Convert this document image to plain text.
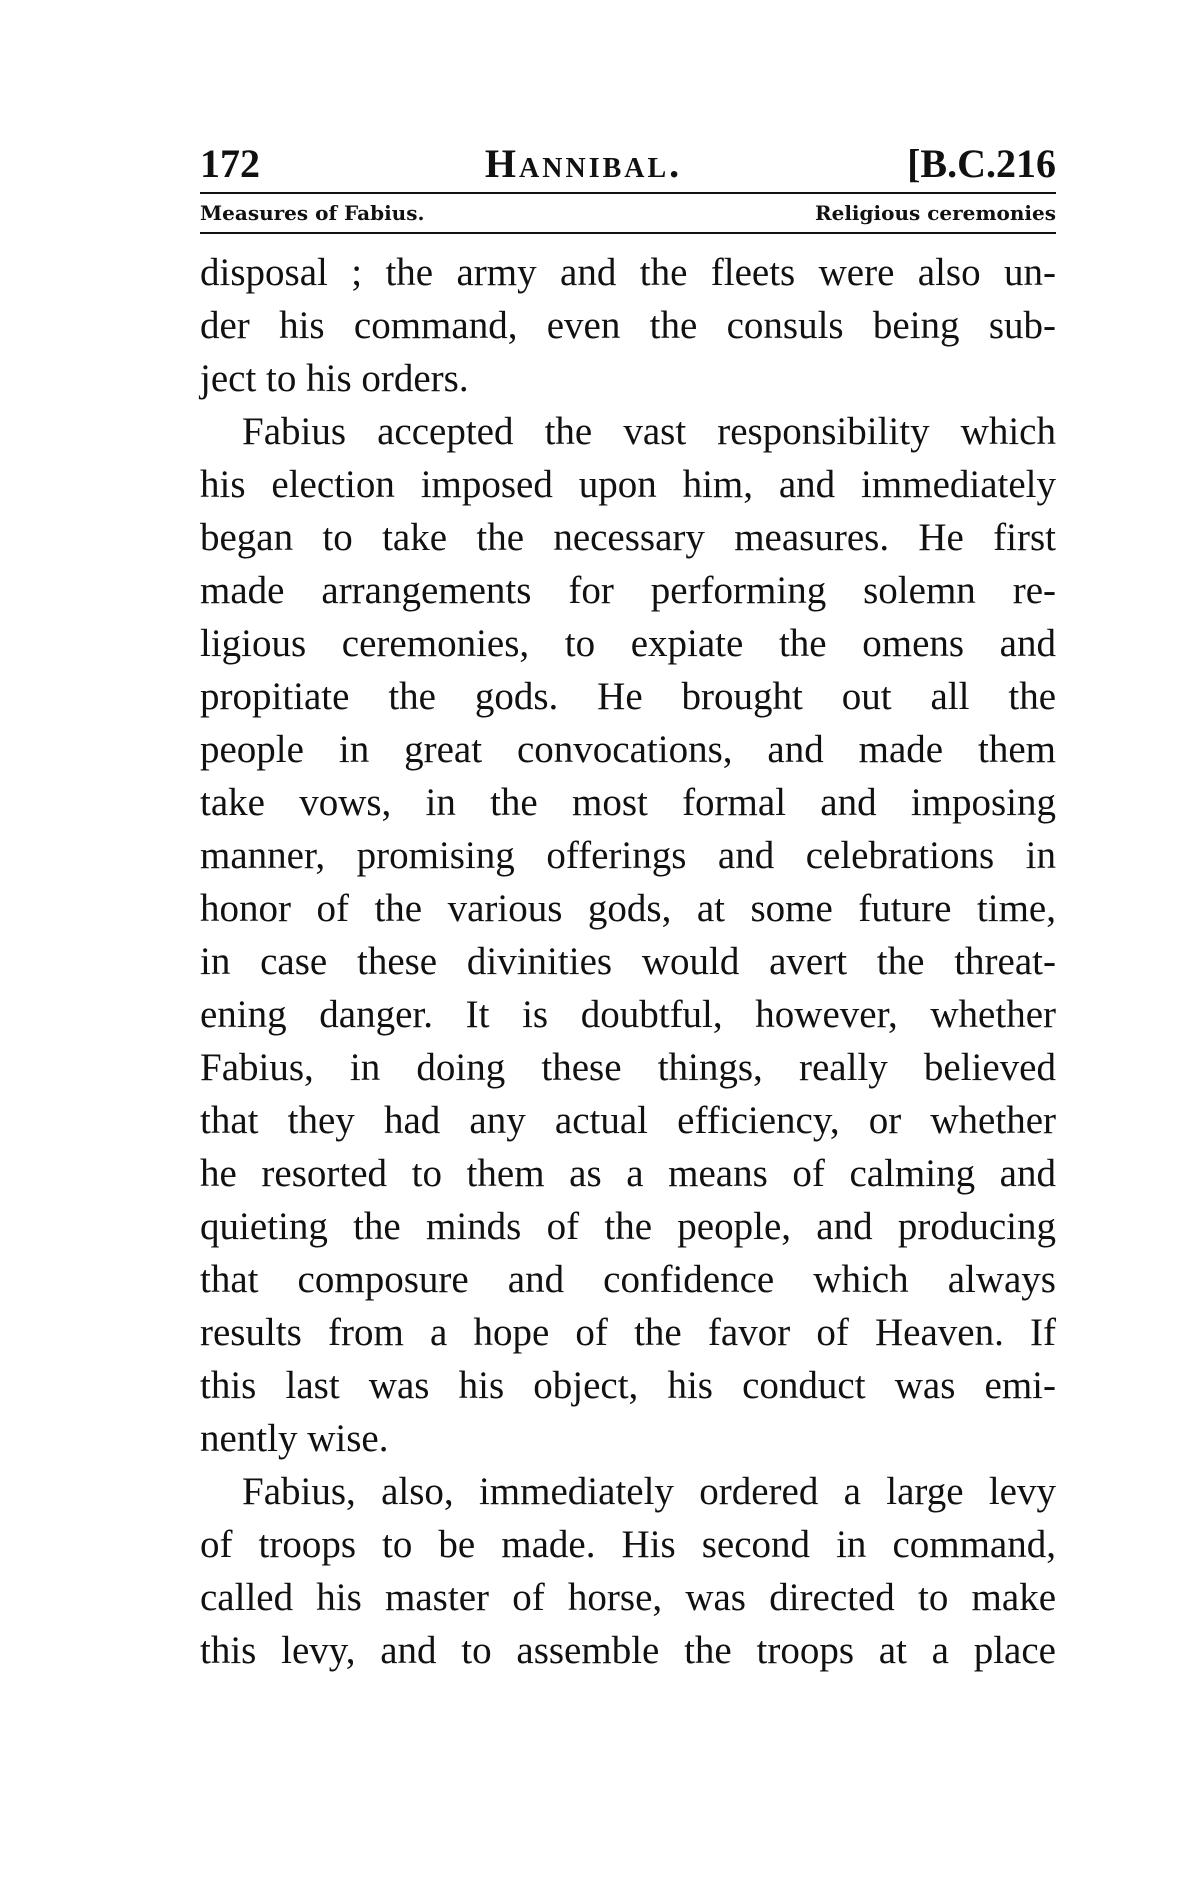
172	Hannibal.	[B.C.216
Measures of Fabius.	Religious ceremonies

disposal ; the army and the fleets were also un-
der his command, even the consuls being sub-
ject to his orders.

Fabius accepted the vast responsibility which
his election imposed upon him, and immediately
began to take the necessary measures. He first
made arrangements for performing solemn re-
ligious ceremonies, to expiate the omens and
propitiate the gods. He brought out all the
people in great convocations, and made them
take vows, in the most formal and imposing
manner, promising offerings and celebrations in
honor of the various gods, at some future time,
in case these divinities would avert the threat-
ening danger. It is doubtful, however, whether
Fabius, in doing these things, really believed
that they had any actual efficiency, or whether
he resorted to them as a means of calming and
quieting the minds of the people, and producing
that composure and confidence which always
results from a hope of the favor of Heaven. If
this last was his object, his conduct was emi-
nently wise.

Fabius, also, immediately ordered a large levy
of troops to be made. His second in command,
called his master of horse, was directed to make
this levy, and to assemble the troops at a place
